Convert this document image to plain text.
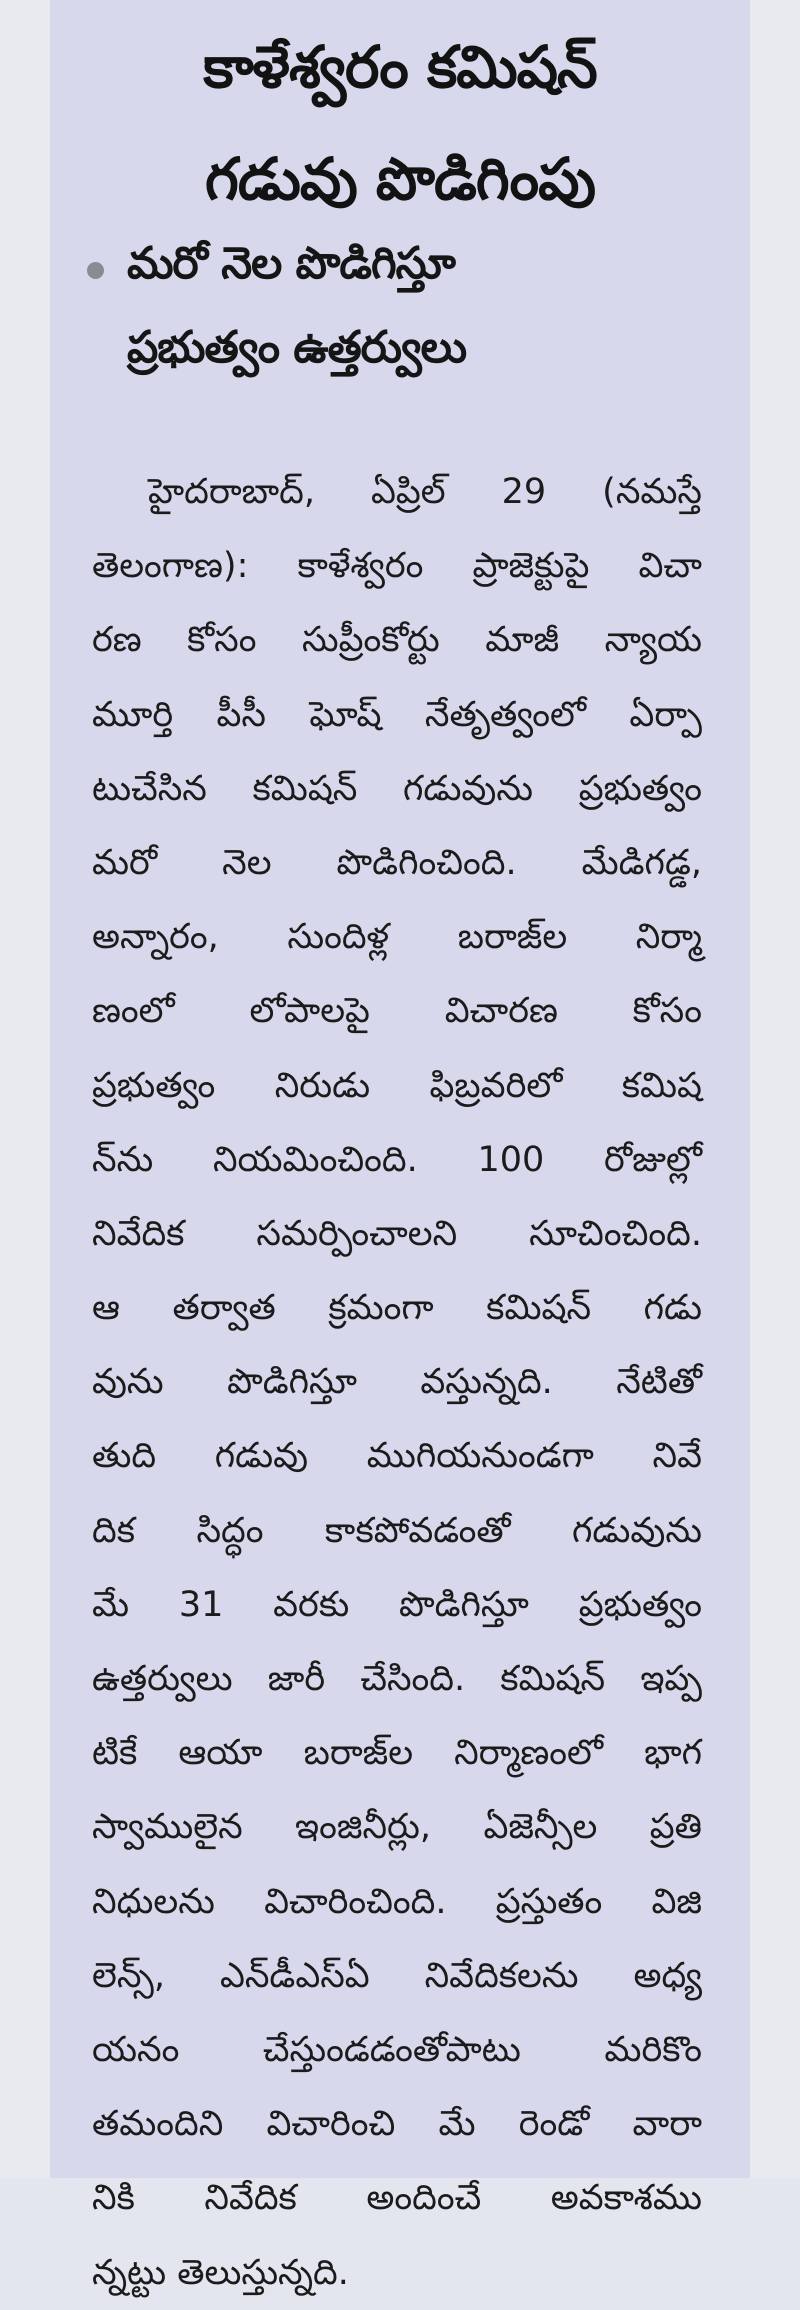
కాళేశ్వరం కమిషన్
గడువు పొడిగింపు
మరో నెల పొడిగిస్తూ
ప్రభుత్వం ఉత్తర్వులు
హైదరాబాద్‌, ఏప్రిల్‌ 29 (నమస్తే
తెలంగాణ): కాళేశ్వరం ప్రాజెక్టుపై విచా
రణ కోసం సుప్రీంకోర్టు మాజీ న్యాయ
మూర్తి పీసీ ఘోష్‌ నేతృత్వంలో ఏర్పా
టుచేసిన కమిషన్‌ గడువును ప్రభుత్వం
మరో నెల పొడిగించింది. మేడిగడ్డ,
అన్నారం, సుందిళ్ల బరాజ్‌ల నిర్మా
ణంలో లోపాలపై విచారణ కోసం
ప్రభుత్వం నిరుడు ఫిబ్రవరిలో కమిష
న్‌ను నియమించింది. 100 రోజుల్లో
నివేదిక సమర్పించాలని సూచించింది.
ఆ తర్వాత క్రమంగా కమిషన్‌ గడు
వును పొడిగిస్తూ వస్తున్నది. నేటితో
తుది గడువు ముగియనుండగా నివే
దిక సిద్ధం కాకపోవడంతో గడువును
మే 31 వరకు పొడిగిస్తూ ప్రభుత్వం
ఉత్తర్వులు జారీ చేసింది. కమిషన్‌ ఇప్ప
టికే ఆయా బరాజ్‌ల నిర్మాణంలో భాగ
స్వాములైన ఇంజినీర్లు, ఏజెన్సీల ప్రతి
నిధులను విచారించింది. ప్రస్తుతం విజి
లెన్స్‌, ఎన్‌డీఎస్‌ఏ నివేదికలను అధ్య
యనం చేస్తుండడంతోపాటు మరికొం
తమందిని విచారించి మే రెండో వారా
నికి నివేదిక అందించే అవకాశము
న్నట్టు తెలుస్తున్నది.
